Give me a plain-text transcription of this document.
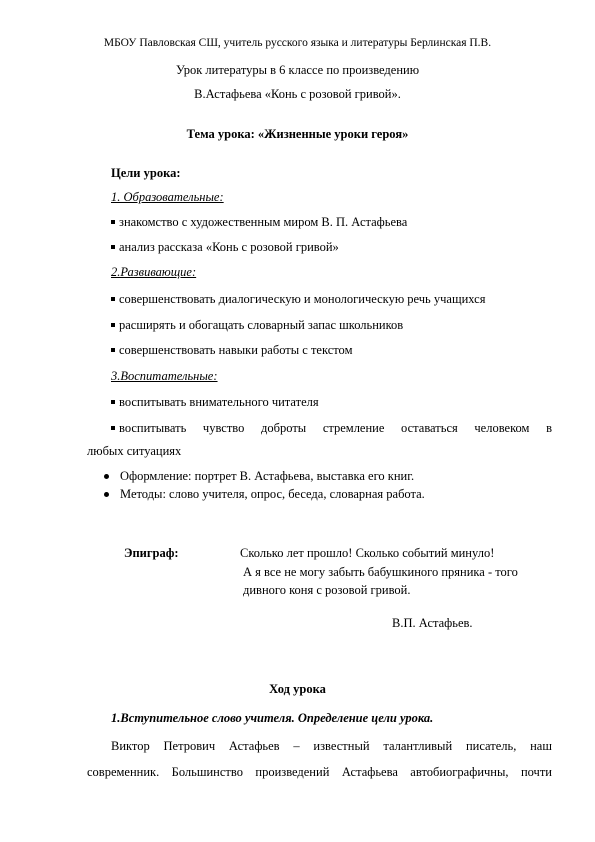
МБОУ Павловская СШ, учитель русского языка и литературы Берлинская П.В.
Урок литературы в 6 классе по произведению
В.Астафьева «Конь с розовой гривой».
Тема урока: «Жизненные уроки героя»
Цели урока:
1. Образовательные:
знакомство с художественным миром В. П. Астафьева
анализ рассказа «Конь с розовой гривой»
2.Развивающие:
совершенствовать диалогическую и монологическую речь учащихся
расширять и обогащать словарный запас школьников
совершенствовать навыки работы с текстом
3.Воспитательные:
воспитывать внимательного читателя
воспитывать чувство доброты стремление оставаться человеком в
любых ситуациях
Оформление: портрет В. Астафьева, выставка его книг.
Методы: слово учителя, опрос, беседа, словарная работа.
Эпиграф:	Сколько лет прошло! Сколько событий минуло!
А я все не могу забыть бабушкиного пряника - того
дивного коня с розовой гривой.
В.П. Астафьев.
Ход урока
1.Вступительное слово учителя. Определение цели урока.
Виктор Петрович Астафьев – известный талантливый писатель, наш
современник. Большинство произведений Астафьева автобиографичны, почти
